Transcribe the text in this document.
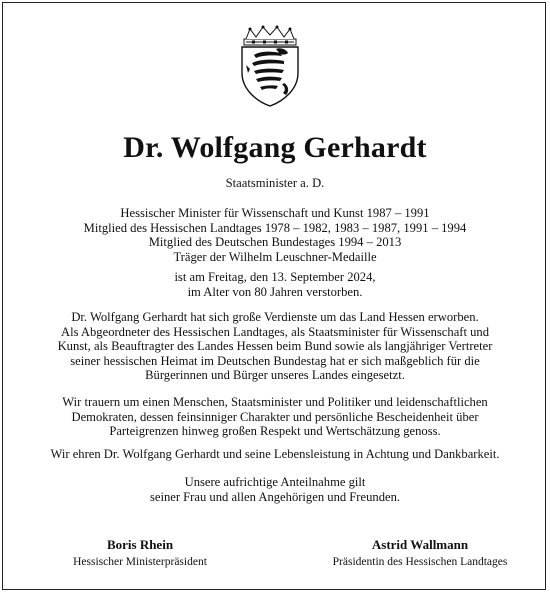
Dr. Wolfgang Gerhardt
Staatsminister a. D.
Hessischer Minister für Wissenschaft und Kunst 1987 – 1991
Mitglied des Hessischen Landtages 1978 – 1982, 1983 – 1987, 1991 – 1994
Mitglied des Deutschen Bundestages 1994 – 2013
Träger der Wilhelm Leuschner-Medaille
ist am Freitag, den 13. September 2024,
im Alter von 80 Jahren verstorben.
Dr. Wolfgang Gerhardt hat sich große Verdienste um das Land Hessen erworben.
Als Abgeordneter des Hessischen Landtages, als Staatsminister für Wissenschaft und
Kunst, als Beauftragter des Landes Hessen beim Bund sowie als langjähriger Vertreter
seiner hessischen Heimat im Deutschen Bundestag hat er sich maßgeblich für die
Bürgerinnen und Bürger unseres Landes eingesetzt.
Wir trauern um einen Menschen, Staatsminister und Politiker und leidenschaftlichen
Demokraten, dessen feinsinniger Charakter und persönliche Bescheidenheit über
Parteigrenzen hinweg großen Respekt und Wertschätzung genoss.
Wir ehren Dr. Wolfgang Gerhardt und seine Lebensleistung in Achtung und Dankbarkeit.
Unsere aufrichtige Anteilnahme gilt
seiner Frau und allen Angehörigen und Freunden.
Boris Rhein
Hessischer Ministerpräsident
Astrid Wallmann
Präsidentin des Hessischen Landtages
